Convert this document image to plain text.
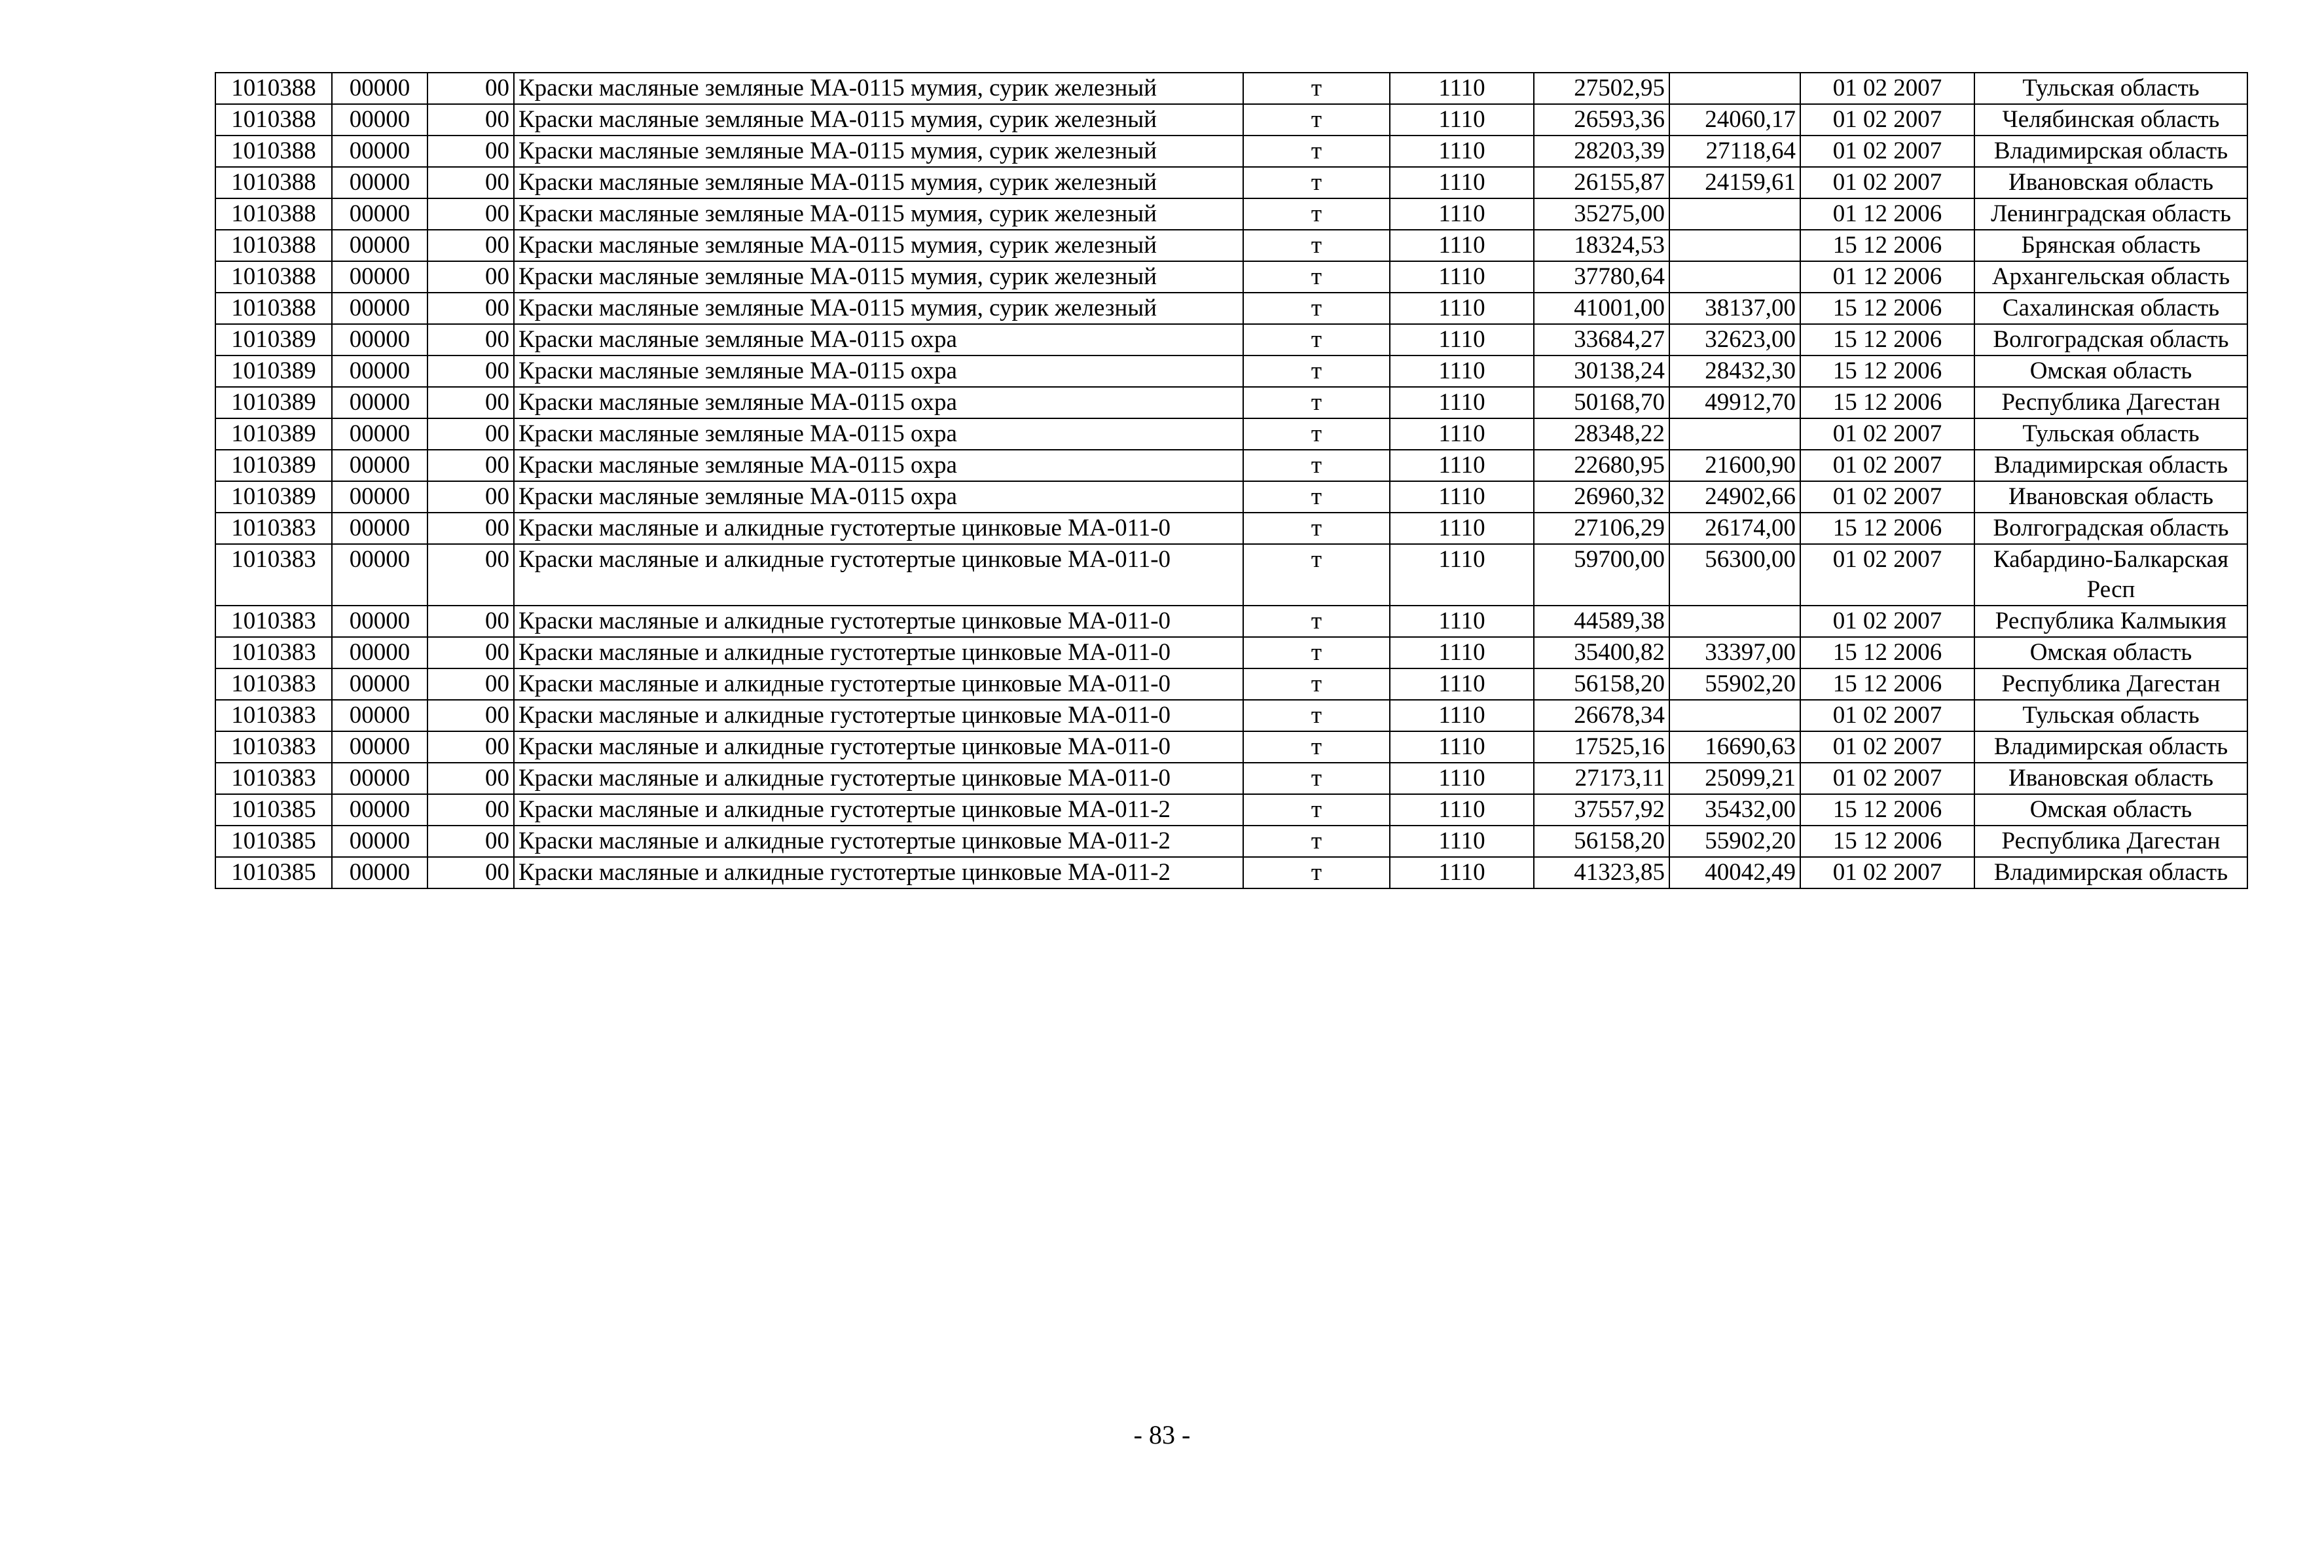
1010388	00000	00	Краски масляные земляные МА-0115 мумия, сурик железный	т	1110	27502,95		01 02 2007	Тульская область
1010388	00000	00	Краски масляные земляные МА-0115 мумия, сурик железный	т	1110	26593,36	24060,17	01 02 2007	Челябинская область
1010388	00000	00	Краски масляные земляные МА-0115 мумия, сурик железный	т	1110	28203,39	27118,64	01 02 2007	Владимирская область
1010388	00000	00	Краски масляные земляные МА-0115 мумия, сурик железный	т	1110	26155,87	24159,61	01 02 2007	Ивановская область
1010388	00000	00	Краски масляные земляные МА-0115 мумия, сурик железный	т	1110	35275,00		01 12 2006	Ленинградская область
1010388	00000	00	Краски масляные земляные МА-0115 мумия, сурик железный	т	1110	18324,53		15 12 2006	Брянская область
1010388	00000	00	Краски масляные земляные МА-0115 мумия, сурик железный	т	1110	37780,64		01 12 2006	Архангельская область
1010388	00000	00	Краски масляные земляные МА-0115 мумия, сурик железный	т	1110	41001,00	38137,00	15 12 2006	Сахалинская область
1010389	00000	00	Краски масляные земляные МА-0115 охра	т	1110	33684,27	32623,00	15 12 2006	Волгоградская область
1010389	00000	00	Краски масляные земляные МА-0115 охра	т	1110	30138,24	28432,30	15 12 2006	Омская область
1010389	00000	00	Краски масляные земляные МА-0115 охра	т	1110	50168,70	49912,70	15 12 2006	Республика Дагестан
1010389	00000	00	Краски масляные земляные МА-0115 охра	т	1110	28348,22		01 02 2007	Тульская область
1010389	00000	00	Краски масляные земляные МА-0115 охра	т	1110	22680,95	21600,90	01 02 2007	Владимирская область
1010389	00000	00	Краски масляные земляные МА-0115 охра	т	1110	26960,32	24902,66	01 02 2007	Ивановская область
1010383	00000	00	Краски масляные и алкидные густотертые цинковые МА-011-0	т	1110	27106,29	26174,00	15 12 2006	Волгоградская область
1010383	00000	00	Краски масляные и алкидные густотертые цинковые МА-011-0	т	1110	59700,00	56300,00	01 02 2007	Кабардино-Балкарская Респ
1010383	00000	00	Краски масляные и алкидные густотертые цинковые МА-011-0	т	1110	44589,38		01 02 2007	Республика Калмыкия
1010383	00000	00	Краски масляные и алкидные густотертые цинковые МА-011-0	т	1110	35400,82	33397,00	15 12 2006	Омская область
1010383	00000	00	Краски масляные и алкидные густотертые цинковые МА-011-0	т	1110	56158,20	55902,20	15 12 2006	Республика Дагестан
1010383	00000	00	Краски масляные и алкидные густотертые цинковые МА-011-0	т	1110	26678,34		01 02 2007	Тульская область
1010383	00000	00	Краски масляные и алкидные густотертые цинковые МА-011-0	т	1110	17525,16	16690,63	01 02 2007	Владимирская область
1010383	00000	00	Краски масляные и алкидные густотертые цинковые МА-011-0	т	1110	27173,11	25099,21	01 02 2007	Ивановская область
1010385	00000	00	Краски масляные и алкидные густотертые цинковые МА-011-2	т	1110	37557,92	35432,00	15 12 2006	Омская область
1010385	00000	00	Краски масляные и алкидные густотертые цинковые МА-011-2	т	1110	56158,20	55902,20	15 12 2006	Республика Дагестан
1010385	00000	00	Краски масляные и алкидные густотертые цинковые МА-011-2	т	1110	41323,85	40042,49	01 02 2007	Владимирская область
- 83 -
